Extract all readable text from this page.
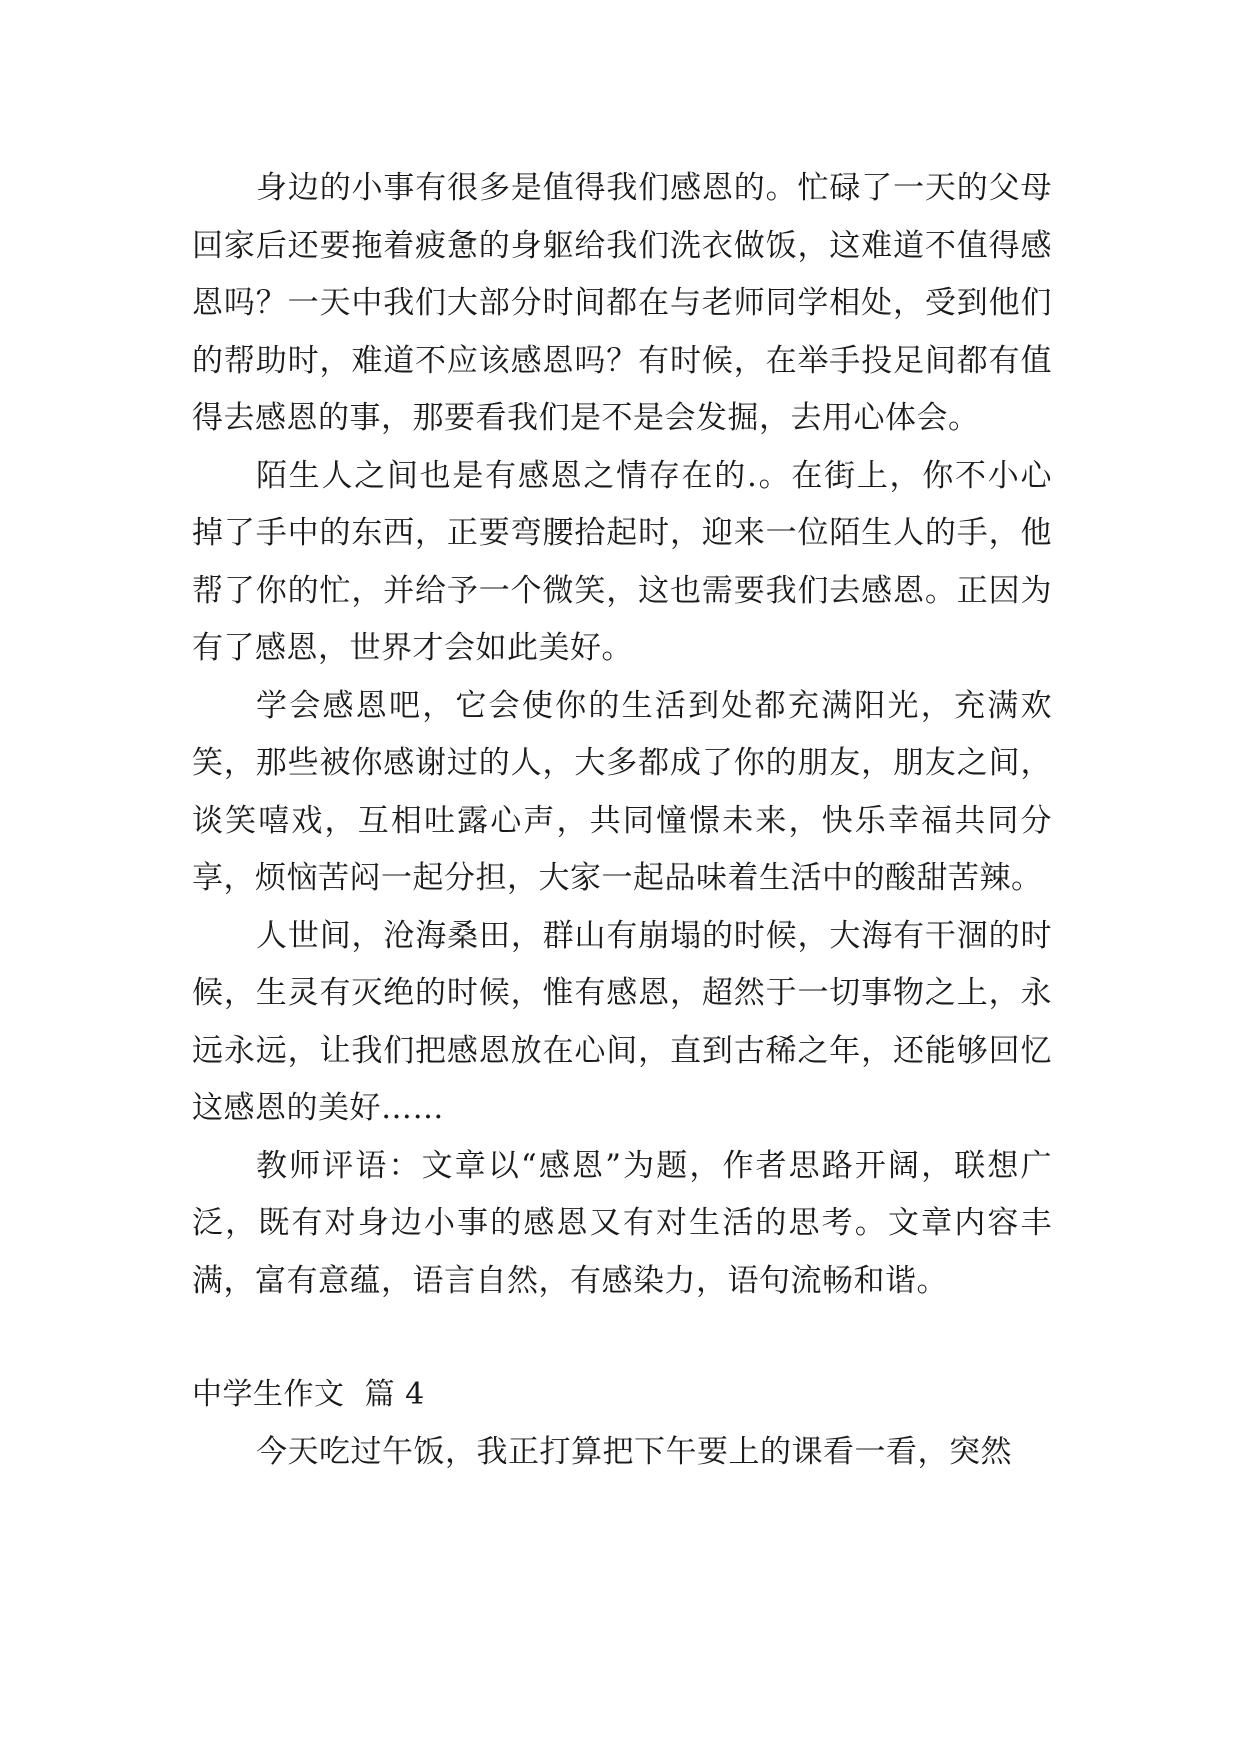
身边的小事有很多是值得我们感恩的。忙碌了一天的父母回家后还要拖着疲惫的身躯给我们洗衣做饭，这难道不值得感恩吗？一天中我们大部分时间都在与老师同学相处，受到他们的帮助时，难道不应该感恩吗？有时候，在举手投足间都有值得去感恩的事，那要看我们是不是会发掘，去用心体会。

陌生人之间也是有感恩之情存在的.。在街上，你不小心掉了手中的东西，正要弯腰拾起时，迎来一位陌生人的手，他帮了你的忙，并给予一个微笑，这也需要我们去感恩。正因为有了感恩，世界才会如此美好。

学会感恩吧，它会使你的生活到处都充满阳光，充满欢笑，那些被你感谢过的人，大多都成了你的朋友，朋友之间，谈笑嘻戏，互相吐露心声，共同憧憬未来，快乐幸福共同分享，烦恼苦闷一起分担，大家一起品味着生活中的酸甜苦辣。

人世间，沧海桑田，群山有崩塌的时候，大海有干涸的时候，生灵有灭绝的时候，惟有感恩，超然于一切事物之上，永远永远，让我们把感恩放在心间，直到古稀之年，还能够回忆这感恩的美好……

教师评语：文章以“感恩”为题，作者思路开阔，联想广泛，既有对身边小事的感恩又有对生活的思考。文章内容丰满，富有意蕴，语言自然，有感染力，语句流畅和谐。

中学生作文  篇 4

今天吃过午饭，我正打算把下午要上的课看一看，突然
